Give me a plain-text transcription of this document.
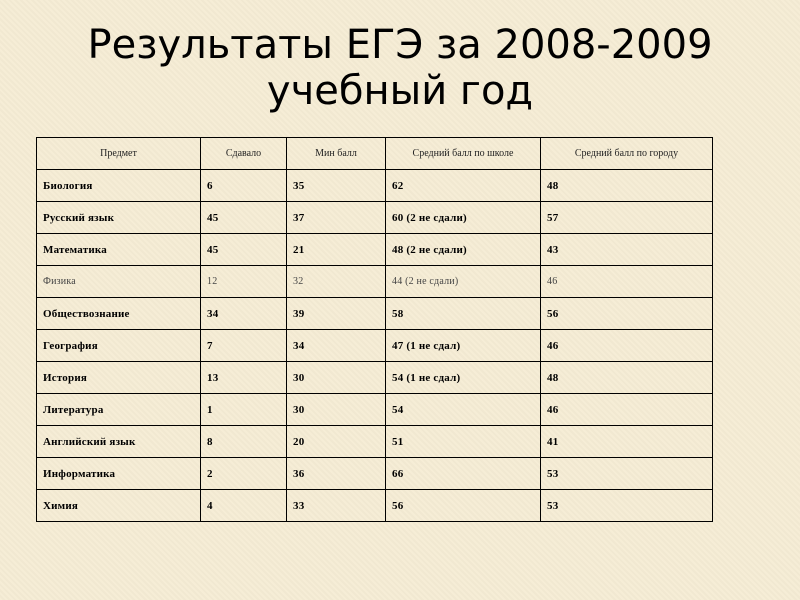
Результаты ЕГЭ за 2008-2009
учебный год
Предмет	Сдавало	Мин балл	Средний балл по школе	Средний балл по городу
Биология	6	35	62	48
Русский язык	45	37	60 (2 не сдали)	57
Математика	45	21	48 (2 не сдали)	43
Физика	12	32	44 (2 не сдали)	46
Обществознание	34	39	58	56
География	7	34	47 (1 не сдал)	46
История	13	30	54 (1 не сдал)	48
Литература	1	30	54	46
Английский язык	8	20	51	41
Информатика	2	36	66	53
Химия	4	33	56	53
